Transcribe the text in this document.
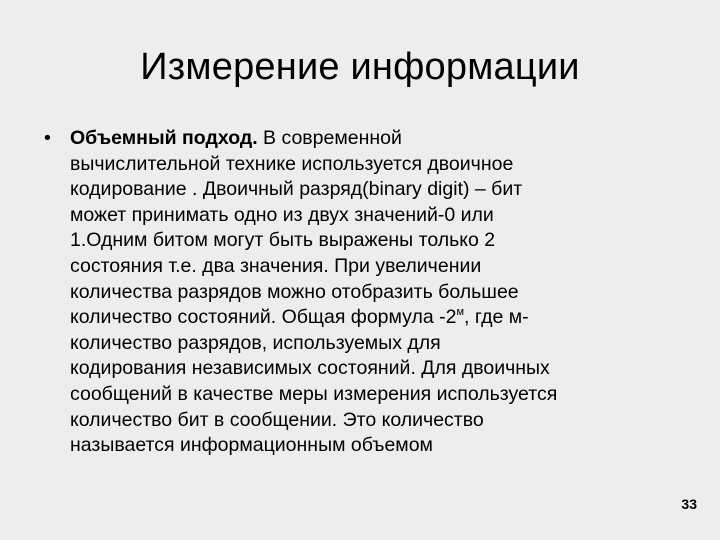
Измерение информации
• Объемный подход. В современной
вычислительной технике используется двоичное
кодирование . Двоичный разряд(binary digit) – бит
может принимать одно из двух значений-0 или
1.Одним битом могут быть выражены только 2
состояния т.е. два значения. При увеличении
количества разрядов можно отобразить большее
количество состояний. Общая формула $-2^м$, где м-
количество разрядов, используемых для
кодирования независимых состояний. Для двоичных
сообщений в качестве меры измерения используется
количество бит в сообщении. Это количество
называется информационным объемом
33
